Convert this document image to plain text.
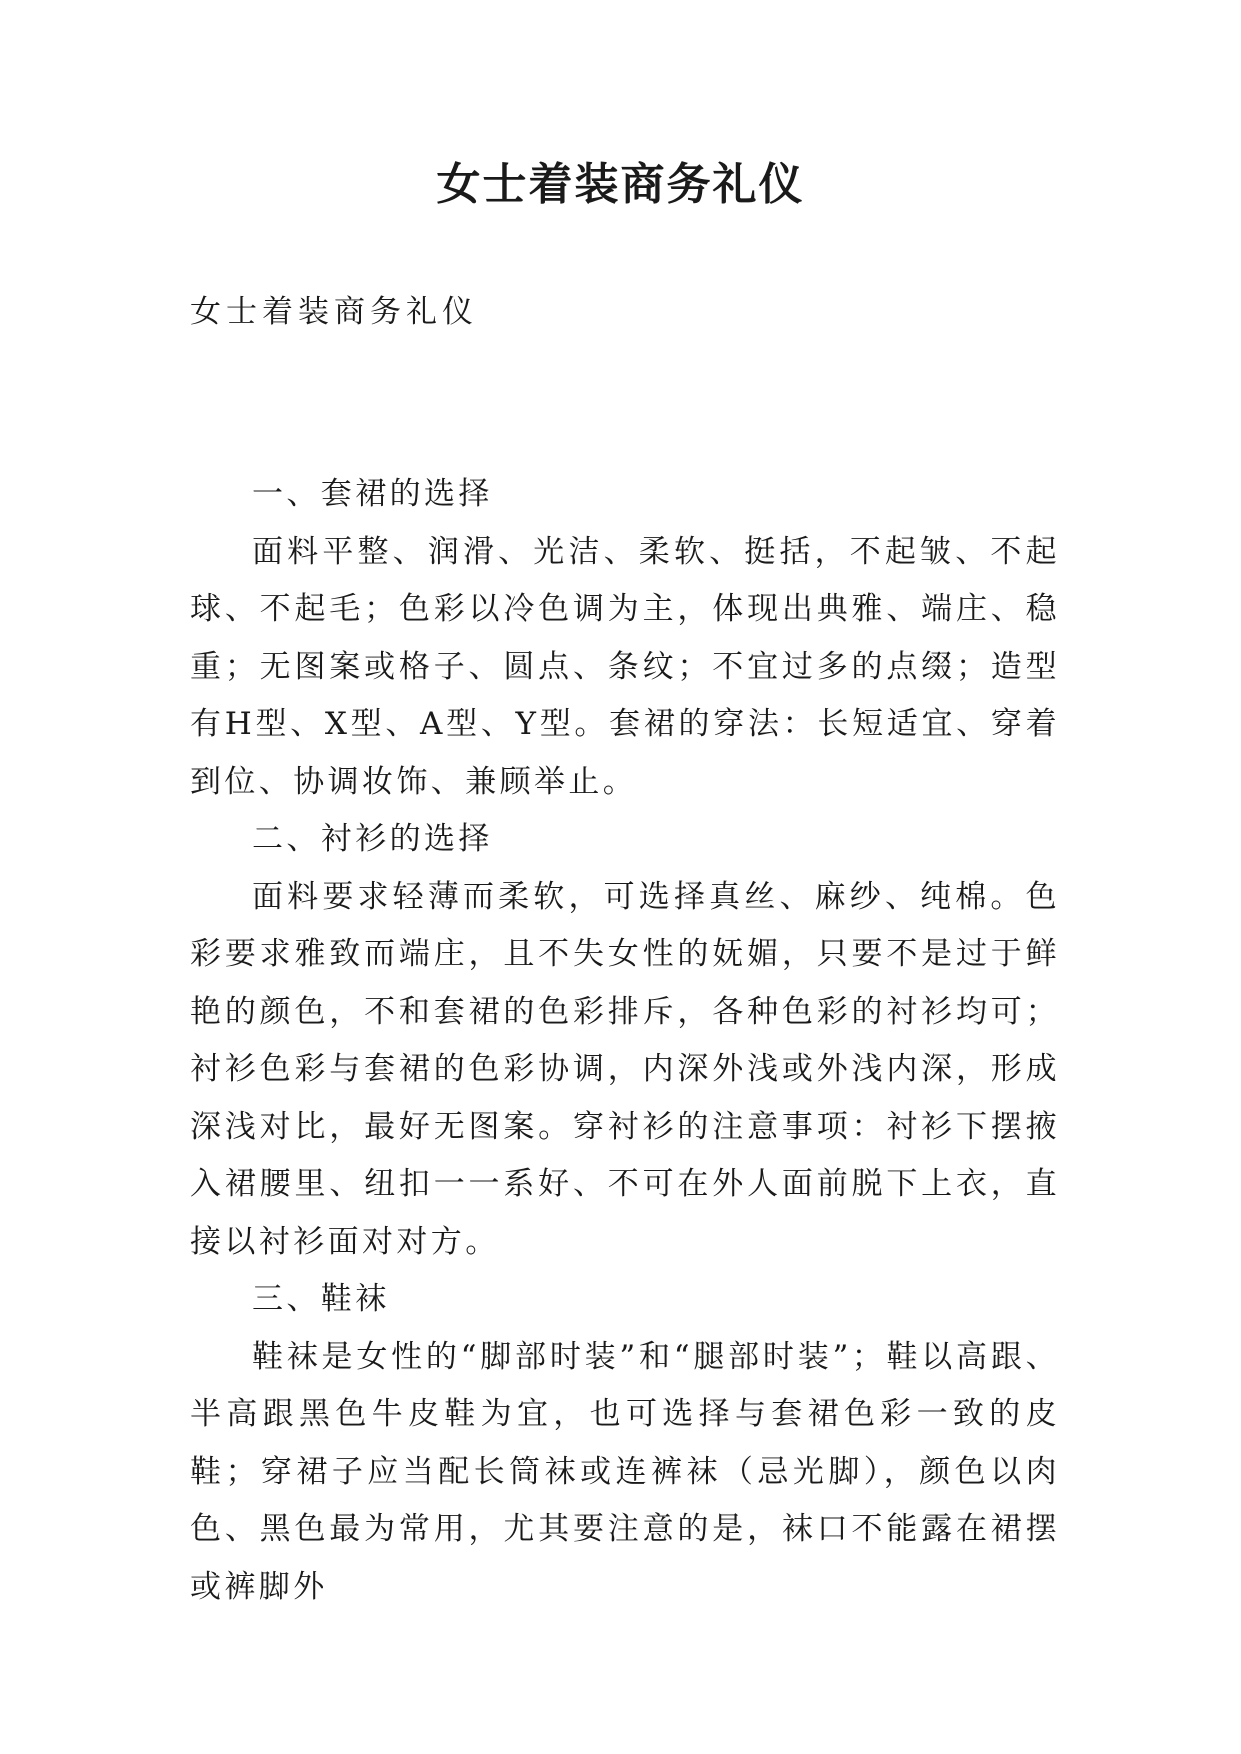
女士着装商务礼仪
女士着装商务礼仪

一、套裙的选择

面料平整、润滑、光洁、柔软、挺括，不起皱、不起球、不起毛；色彩以冷色调为主，体现出典雅、端庄、稳重；无图案或格子、圆点、条纹；不宜过多的点缀；造型有H型、X型、A型、Y型。套裙的穿法：长短适宜、穿着到位、协调妆饰、兼顾举止。

二、衬衫的选择

面料要求轻薄而柔软，可选择真丝、麻纱、纯棉。色彩要求雅致而端庄，且不失女性的妩媚，只要不是过于鲜艳的颜色，不和套裙的色彩排斥，各种色彩的衬衫均可；衬衫色彩与套裙的色彩协调，内深外浅或外浅内深，形成深浅对比，最好无图案。穿衬衫的注意事项：衬衫下摆掖入裙腰里、纽扣一一系好、不可在外人面前脱下上衣，直接以衬衫面对对方。

三、鞋袜

鞋袜是女性的“脚部时装”和“腿部时装”；鞋以高跟、半高跟黑色牛皮鞋为宜，也可选择与套裙色彩一致的皮鞋；穿裙子应当配长筒袜或连裤袜（忌光脚），颜色以肉色、黑色最为常用，尤其要注意的是，袜口不能露在裙摆或裤脚外
